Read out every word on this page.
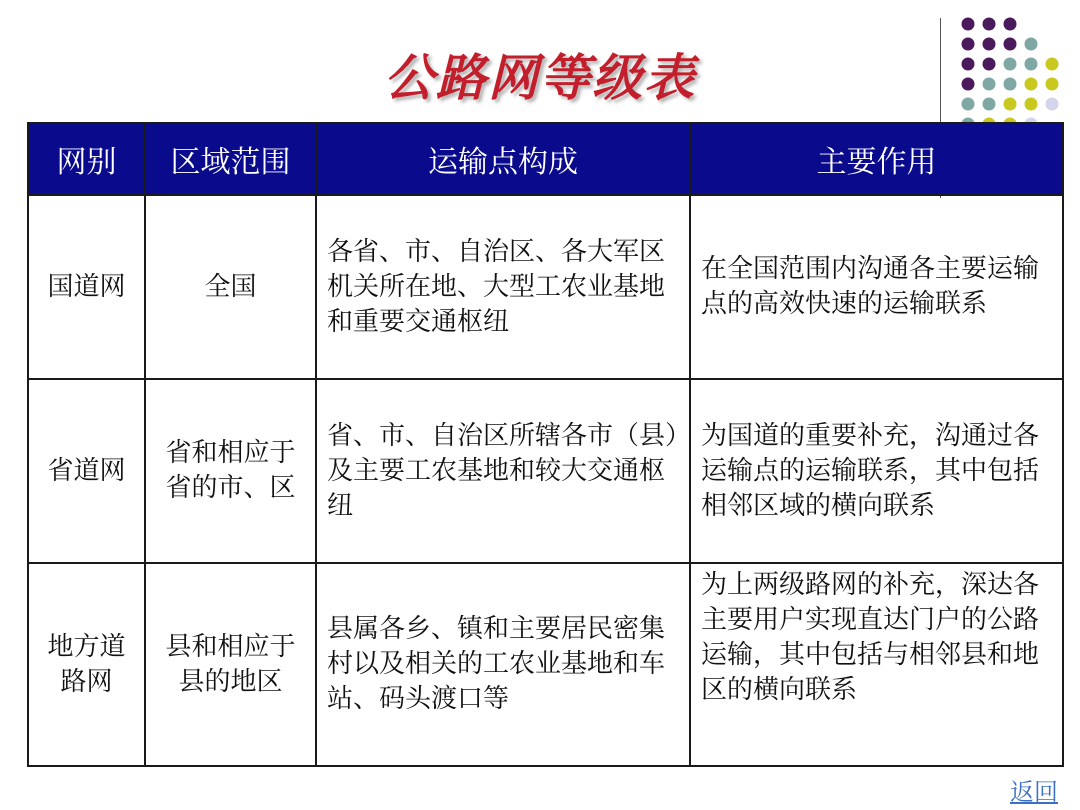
公路网等级表
网别	区域范围	运输点构成	主要作用
国道网	全国	各省、市、自治区、各大军区机关所在地、大型工农业基地和重要交通枢纽	在全国范围内沟通各主要运输点的高效快速的运输联系
省道网	省和相应于省的市、区	省、市、自治区所辖各市（县）及主要工农基地和较大交通枢纽	为国道的重要补充，沟通过各运输点的运输联系，其中包括相邻区域的横向联系
地方道路网	县和相应于县的地区	县属各乡、镇和主要居民密集村以及相关的工农业基地和车站、码头渡口等	为上两级路网的补充，深达各主要用户实现直达门户的公路运输，其中包括与相邻县和地区的横向联系
返回
